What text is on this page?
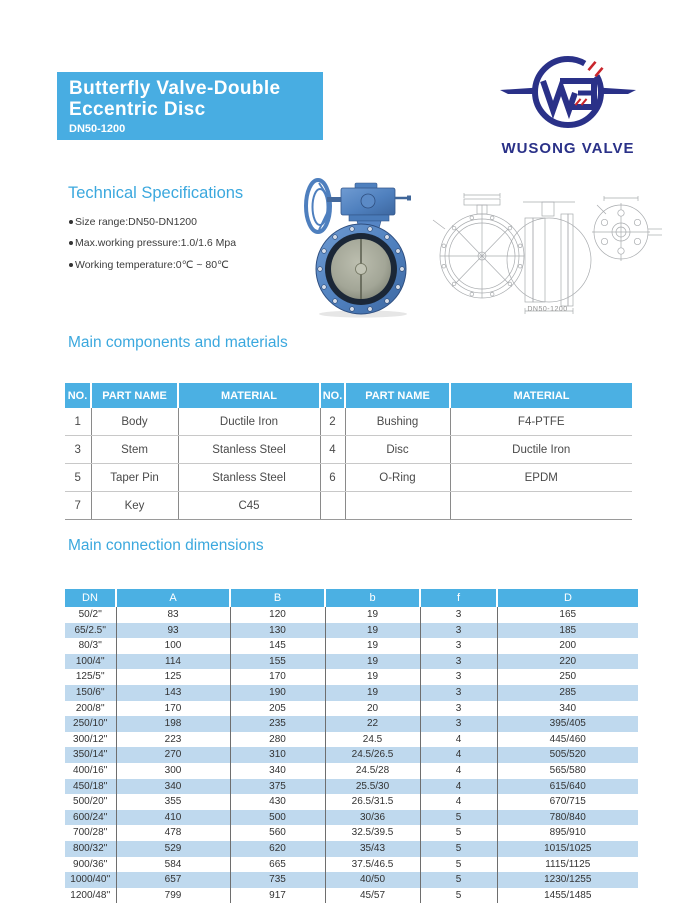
Butterfly Valve-Double
Eccentric Disc
DN50-1200
WUSONG VALVE
Technical Specifications
Size range:DN50-DN1200
Max.working pressure:1.0/1.6 Mpa
Working temperature:0℃ ~ 80℃
DN50-1200
Main components and materials
NO.	PART NAME	MATERIAL	NO.	PART NAME	MATERIAL
1	Body	Ductile Iron	2	Bushing	F4-PTFE
3	Stem	Stanless Steel	4	Disc	Ductile Iron
5	Taper Pin	Stanless Steel	6	O-Ring	EPDM
7	Key	C45			
Main connection dimensions
DN	A	B	b	f	D
50/2''	83	120	19	3	165
65/2.5''	93	130	19	3	185
80/3''	100	145	19	3	200
100/4''	114	155	19	3	220
125/5''	125	170	19	3	250
150/6''	143	190	19	3	285
200/8''	170	205	20	3	340
250/10''	198	235	22	3	395/405
300/12''	223	280	24.5	4	445/460
350/14''	270	310	24.5/26.5	4	505/520
400/16''	300	340	24.5/28	4	565/580
450/18''	340	375	25.5/30	4	615/640
500/20''	355	430	26.5/31.5	4	670/715
600/24''	410	500	30/36	5	780/840
700/28''	478	560	32.5/39.5	5	895/910
800/32''	529	620	35/43	5	1015/1025
900/36''	584	665	37.5/46.5	5	1115/1125
1000/40''	657	735	40/50	5	1230/1255
1200/48''	799	917	45/57	5	1455/1485
